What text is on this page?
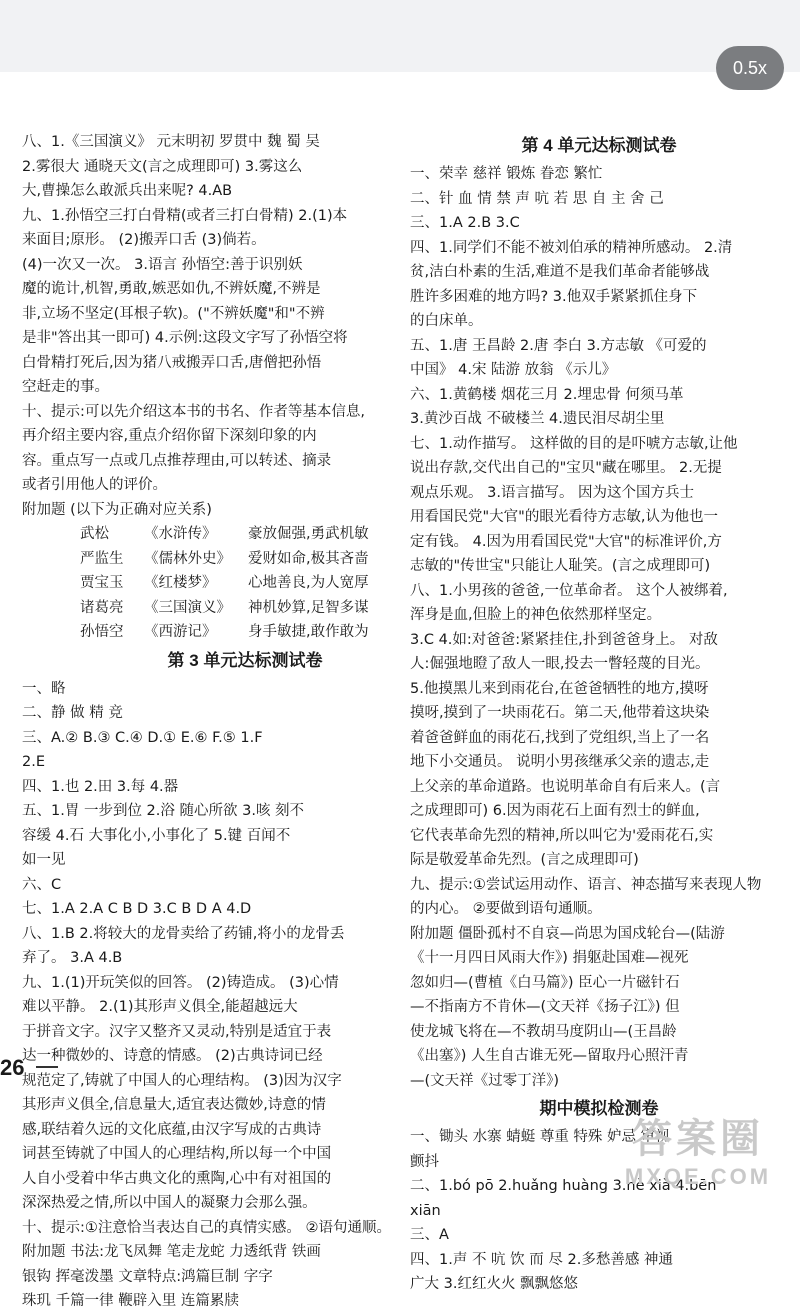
0.5x
八、1.《三国演义》 元末明初 罗贯中 魏 蜀 吴
2.雾很大 通晓天文(言之成理即可) 3.雾这么
大,曹操怎么敢派兵出来呢? 4.AB
九、1.孙悟空三打白骨精(或者三打白骨精) 2.(1)本
来面目;原形。 (2)搬弄口舌 (3)倘若。
(4)一次又一次。 3.语言 孙悟空:善于识别妖
魔的诡计,机智,勇敢,嫉恶如仇,不辨妖魔,不辨是
非,立场不坚定(耳根子软)。("不辨妖魔"和"不辨
是非"答出其一即可) 4.示例:这段文字写了孙悟空将
白骨精打死后,因为猪八戒搬弄口舌,唐僧把孙悟
空赶走的事。
十、提示:可以先介绍这本书的书名、作者等基本信息,
再介绍主要内容,重点介绍你留下深刻印象的内
容。重点写一点或几点推荐理由,可以转述、摘录
或者引用他人的评价。
附加题 (以下为正确对应关系)
武松	《水浒传》	豪放倔强,勇武机敏
严监生	《儒林外史》	爱财如命,极其吝啬
贾宝玉	《红楼梦》	心地善良,为人宽厚
诸葛亮	《三国演义》	神机妙算,足智多谋
孙悟空	《西游记》	身手敏捷,敢作敢为
第 3 单元达标测试卷
一、略
二、静 做 精 竞
三、A.② B.③ C.④ D.① E.⑥ F.⑤ 1.F
2.E
四、1.也 2.田 3.每 4.器
五、1.胃 一步到位 2.浴 随心所欲 3.咳 刻不
容缓 4.石 大事化小,小事化了 5.键 百闻不
如一见
六、C
七、1.A 2.A C B D 3.C B D A 4.D
八、1.B 2.将较大的龙骨卖给了药铺,将小的龙骨丢
弃了。 3.A 4.B
九、1.(1)开玩笑似的回答。 (2)铸造成。 (3)心情
难以平静。 2.(1)其形声义俱全,能超越远大
于拼音文字。汉字又整齐又灵动,特别是适宜于表
达一种微妙的、诗意的情感。 (2)古典诗词已经
规范定了,铸就了中国人的心理结构。 (3)因为汉字
其形声义俱全,信息量大,适宜表达微妙,诗意的情
感,联结着久远的文化底蕴,由汉字写成的古典诗
词甚至铸就了中国人的心理结构,所以每一个中国
人自小受着中华古典文化的熏陶,心中有对祖国的
深深热爱之情,所以中国人的凝聚力会那么强。
十、提示:①注意恰当表达自己的真情实感。 ②语句通顺。
附加题 书法:龙飞凤舞 笔走龙蛇 力透纸背 铁画
银钩 挥毫泼墨 文章特点:鸿篇巨制 字字
珠玑 千篇一律 鞭辟入里 连篇累牍
第 4 单元达标测试卷
一、荣幸 慈祥 锻炼 眷恋 繁忙
二、针 血 情 禁 声 吭 若 思 自 主 舍 己
三、1.A 2.B 3.C
四、1.同学们不能不被刘伯承的精神所感动。 2.清
贫,洁白朴素的生活,难道不是我们革命者能够战
胜许多困难的地方吗? 3.他双手紧紧抓住身下
的白床单。
五、1.唐 王昌龄 2.唐 李白 3.方志敏 《可爱的
中国》 4.宋 陆游 放翁 《示儿》
六、1.黄鹤楼 烟花三月 2.埋忠骨 何须马革
3.黄沙百战 不破楼兰 4.遗民泪尽胡尘里
七、1.动作描写。 这样做的目的是吓唬方志敏,让他
说出存款,交代出自己的"宝贝"藏在哪里。 2.无提
观点乐观。 3.语言描写。 因为这个国方兵士
用看国民党"大官"的眼光看待方志敏,认为他也一
定有钱。 4.因为用看国民党"大官"的标准评价,方
志敏的"传世宝"只能让人耻笑。(言之成理即可)
八、1.小男孩的爸爸,一位革命者。 这个人被绑着,
浑身是血,但脸上的神色依然那样坚定。
3.C 4.如:对爸爸:紧紧挂住,扑到爸爸身上。 对敌
人:倔强地瞪了敌人一眼,投去一瞥轻蔑的目光。
5.他摸黑儿来到雨花台,在爸爸牺牲的地方,摸呀
摸呀,摸到了一块雨花石。第二天,他带着这块染
着爸爸鲜血的雨花石,找到了党组织,当上了一名
地下小交通员。 说明小男孩继承父亲的遗志,走
上父亲的革命道路。也说明革命自有后来人。(言
之成理即可) 6.因为雨花石上面有烈士的鲜血,
它代表革命先烈的精神,所以叫它为'爱雨花石,实
际是敬爱革命先烈。(言之成理即可)
九、提示:①尝试运用动作、语言、神态描写来表现人物
的内心。 ②要做到语句通顺。
附加题 僵卧孤村不自哀—尚思为国戍轮台—(陆游
《十一月四日风雨大作》) 捐躯赴国难—视死
忽如归—(曹植《白马篇》) 臣心一片磁针石
—不指南方不肯休—(文天祥《扬子江》) 但
使龙城飞将在—不教胡马度阴山—(王昌龄
《出塞》) 人生自古谁无死—留取丹心照汗青
—(文天祥《过零丁洋》)
期中模拟检测卷
一、锄头 水寨 蜻蜓 尊重 特殊 妒忌 审视
颤抖
二、1.bó pō 2.huǎng huàng 3.hè xià 4.bēn
xiān
三、A
四、1.声 不 吭 饮 而 尽 2.多愁善感 神通
广大 3.红红火火 飘飘悠悠
26
答案圈
MXQE.COM
